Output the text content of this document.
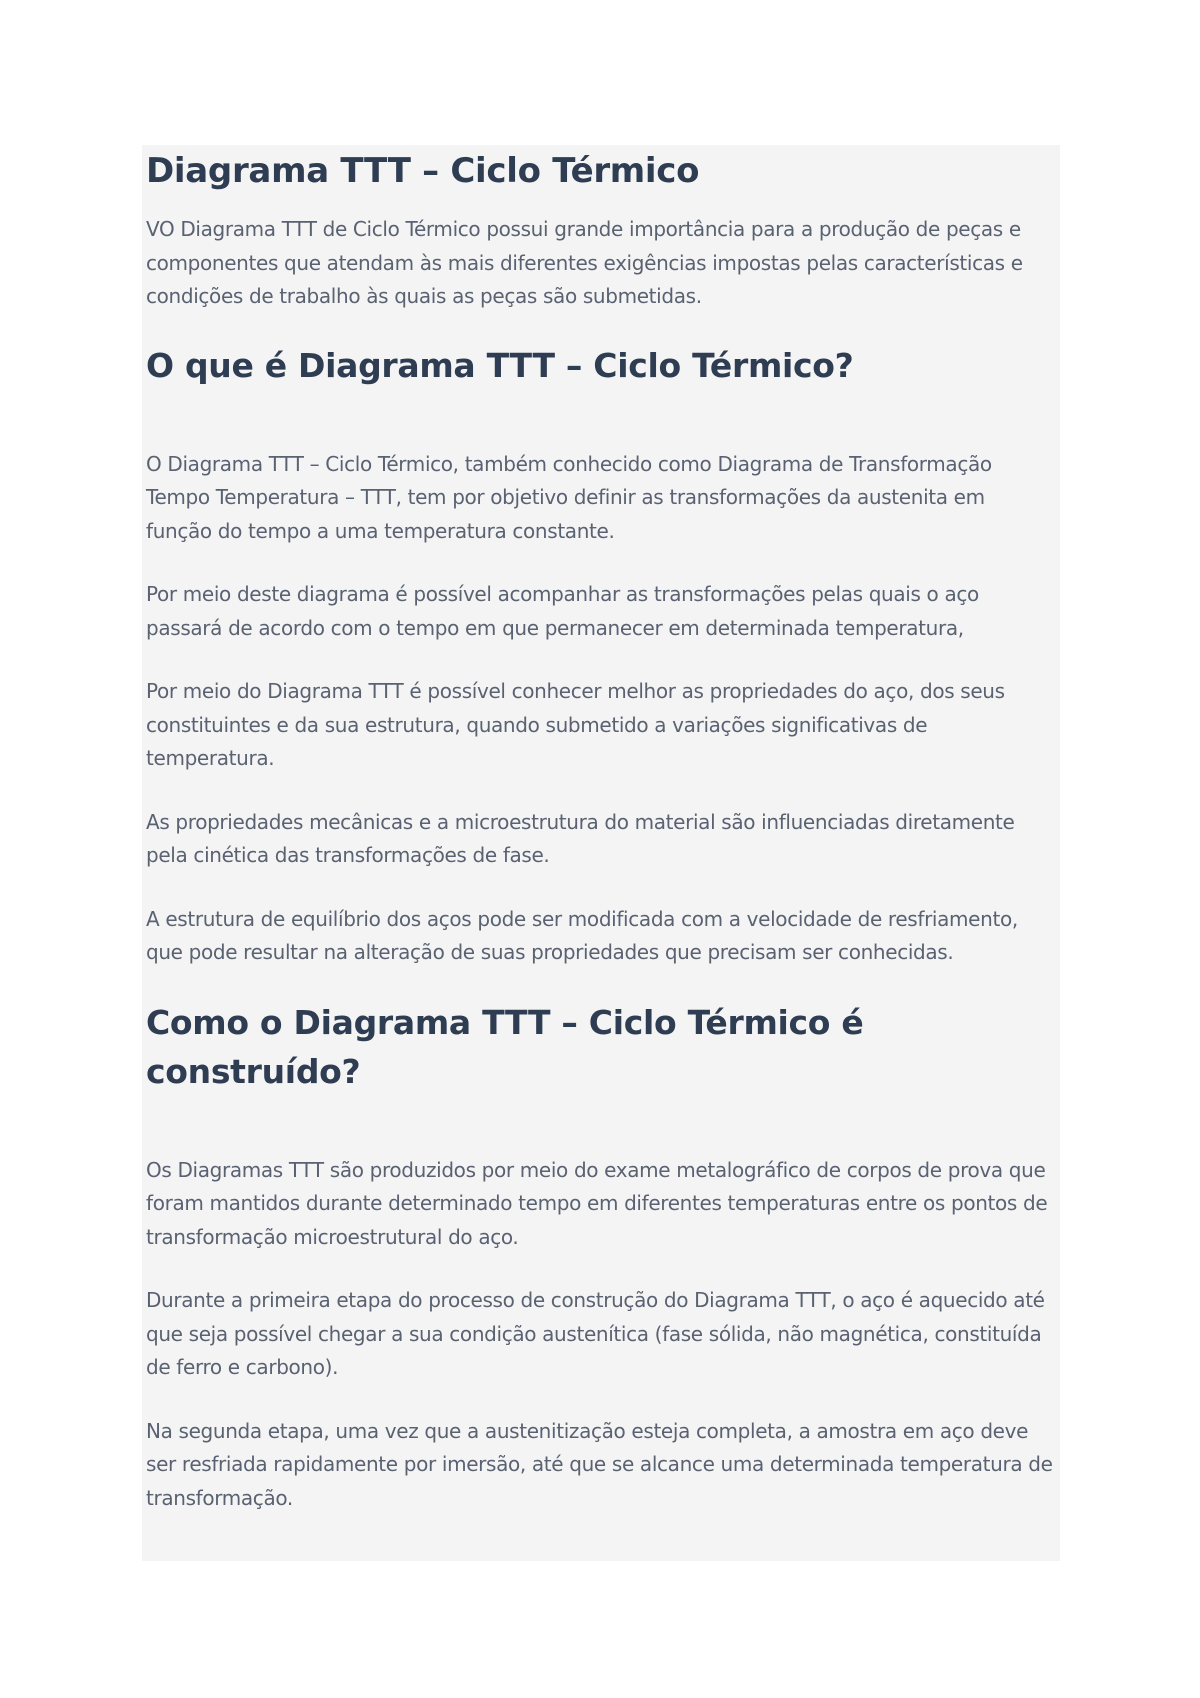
Diagrama TTT – Ciclo Térmico

VO Diagrama TTT de Ciclo Térmico possui grande importância para a produção de peças e componentes que atendam às mais diferentes exigências impostas pelas características e condições de trabalho às quais as peças são submetidas.

O que é Diagrama TTT – Ciclo Térmico?

O Diagrama TTT – Ciclo Térmico, também conhecido como Diagrama de Transformação Tempo Temperatura – TTT, tem por objetivo definir as transformações da austenita em função do tempo a uma temperatura constante.

Por meio deste diagrama é possível acompanhar as transformações pelas quais o aço passará de acordo com o tempo em que permanecer em determinada temperatura,

Por meio do Diagrama TTT é possível conhecer melhor as propriedades do aço, dos seus constituintes e da sua estrutura, quando submetido a variações significativas de temperatura.

As propriedades mecânicas e a microestrutura do material são influenciadas diretamente pela cinética das transformações de fase.

A estrutura de equilíbrio dos aços pode ser modificada com a velocidade de resfriamento, que pode resultar na alteração de suas propriedades que precisam ser conhecidas.

Como o Diagrama TTT – Ciclo Térmico é construído?

Os Diagramas TTT são produzidos por meio do exame metalográfico de corpos de prova que foram mantidos durante determinado tempo em diferentes temperaturas entre os pontos de transformação microestrutural do aço.

Durante a primeira etapa do processo de construção do Diagrama TTT, o aço é aquecido até que seja possível chegar a sua condição austenítica (fase sólida, não magnética, constituída de ferro e carbono).

Na segunda etapa, uma vez que a austenitização esteja completa, a amostra em aço deve ser resfriada rapidamente por imersão, até que se alcance uma determinada temperatura de transformação.
